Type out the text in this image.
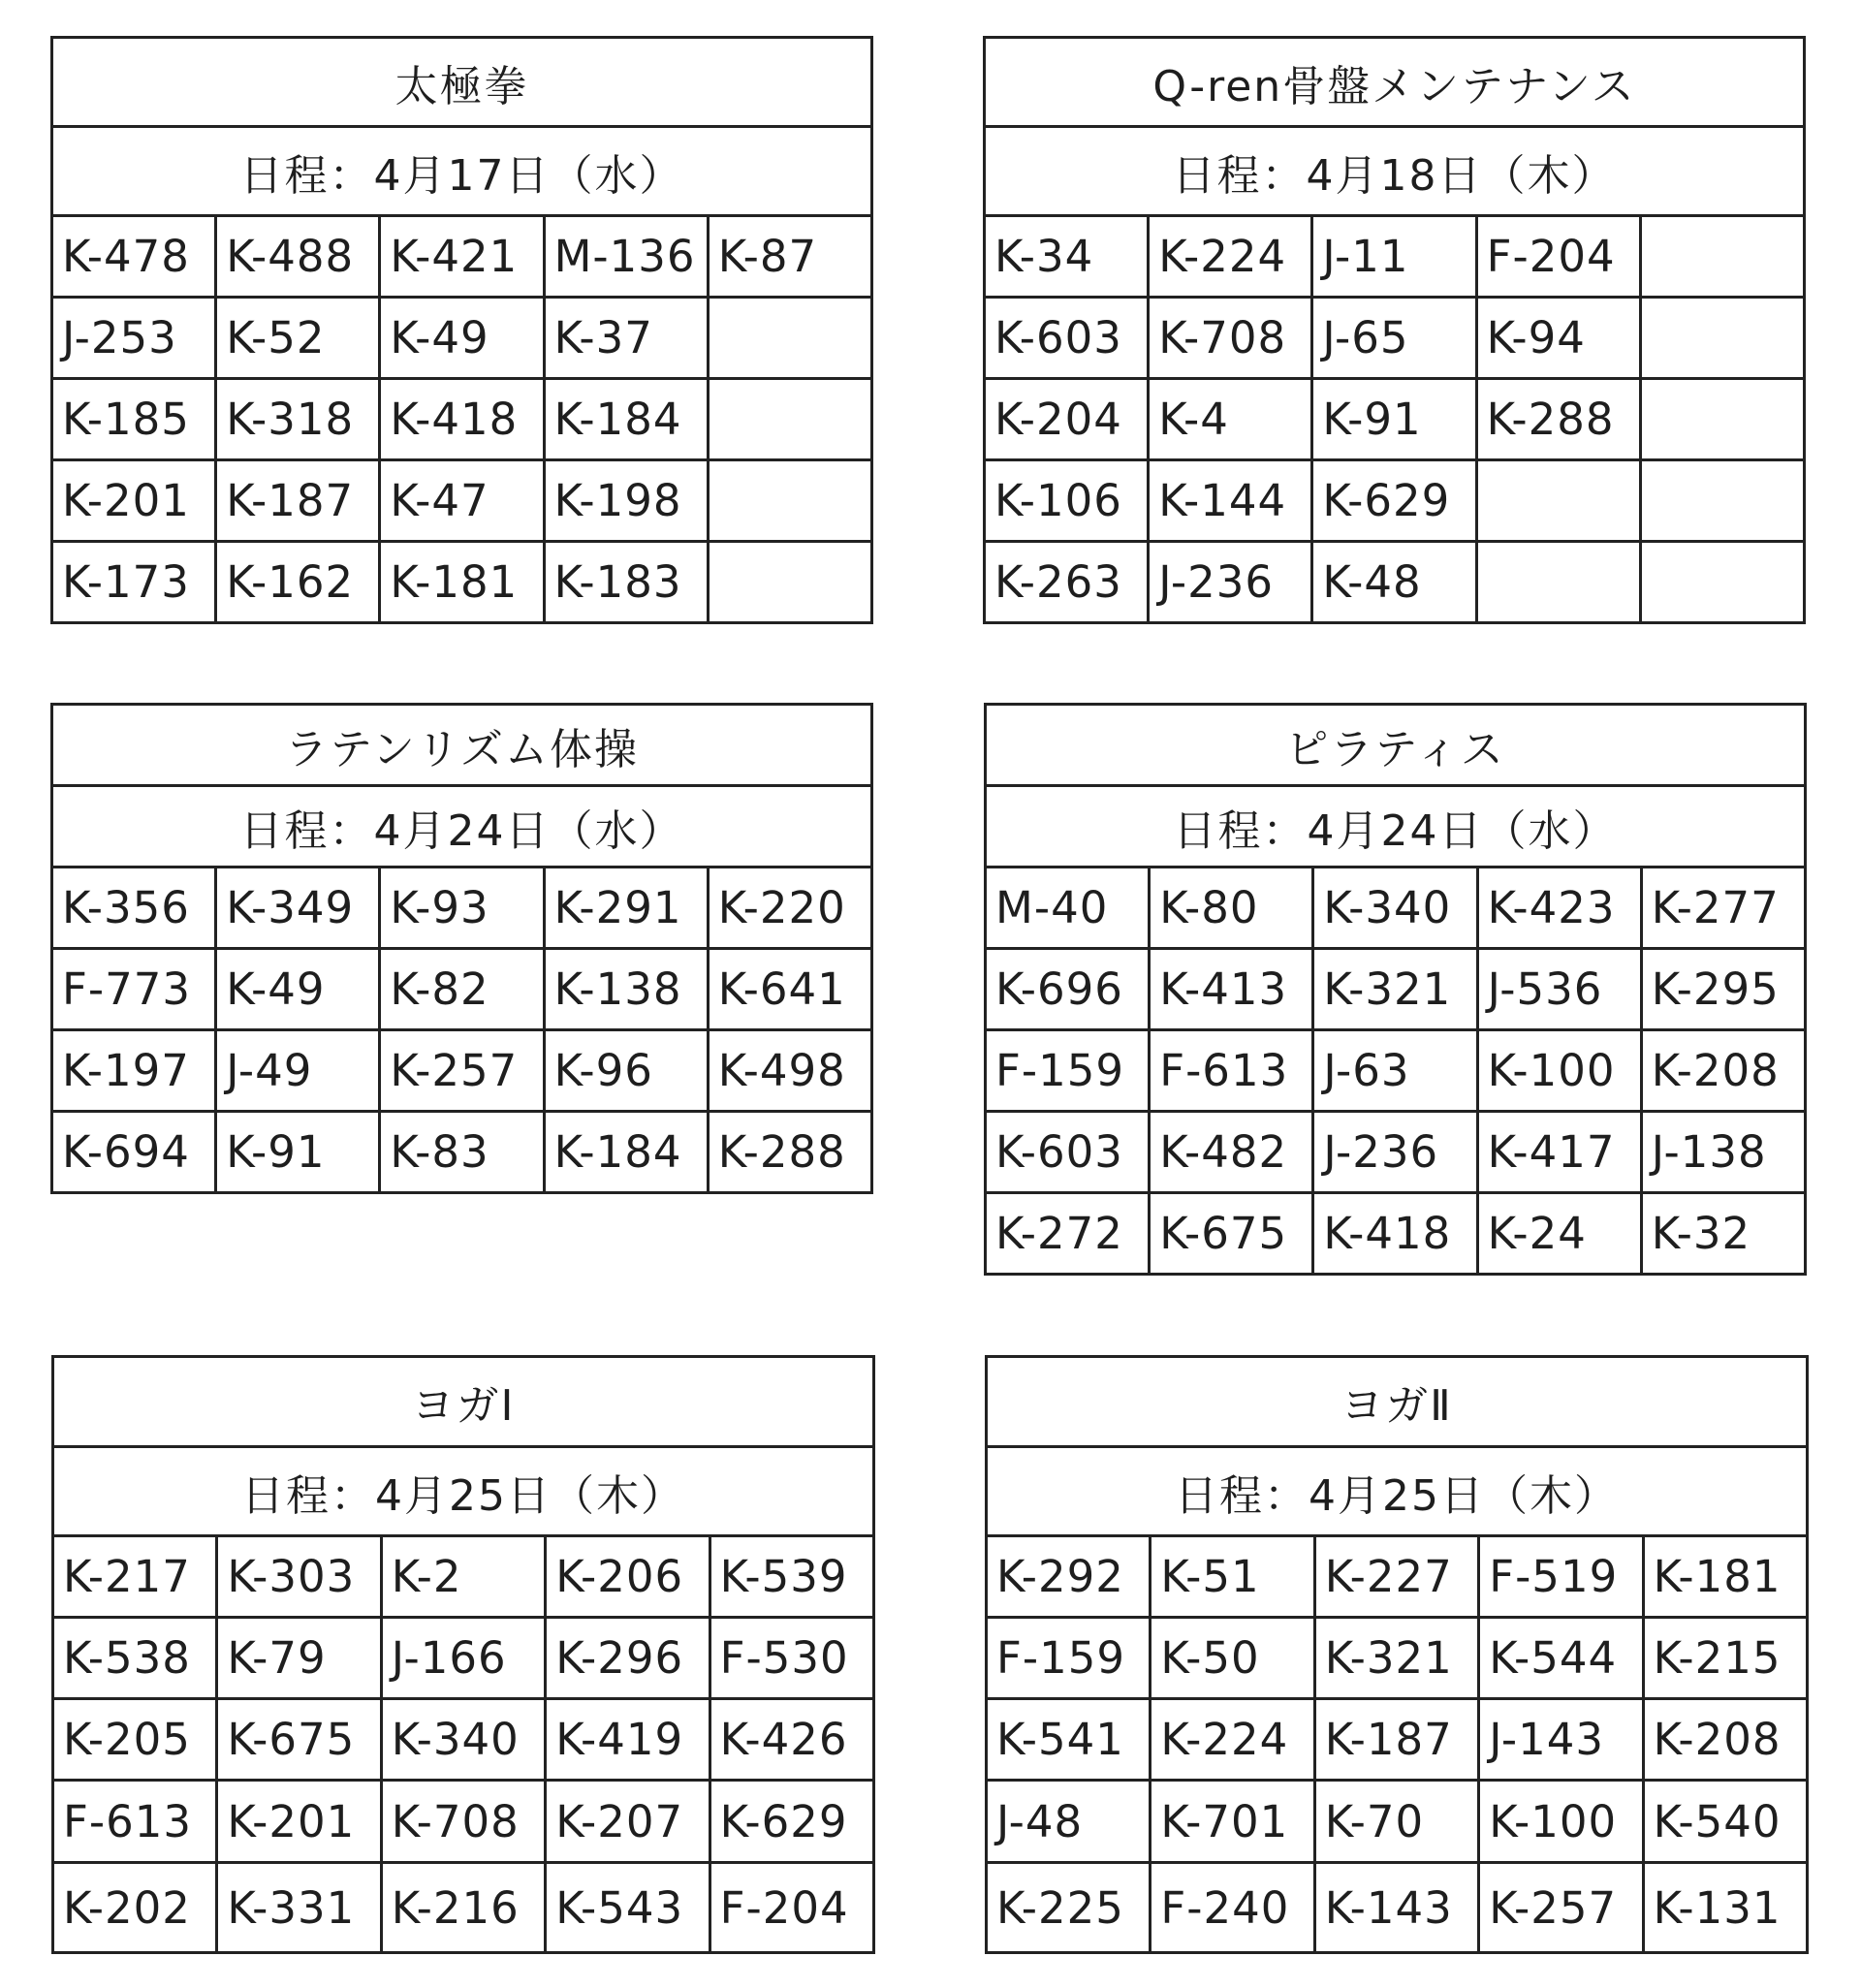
太極拳
日程：4月17日（水）
K-478 K-488 K-421 M-136 K-87
J-253	K-52	K-49	K-37
K-185 K-318 K-418 K-184
K-201 K-187 K-47	K-198
K-173 K-162 K-181 K-183
Q-ren骨盤メンテナンス
日程：4月18日（木）
K-34	K-224 J-11	F-204
K-603 K-708 J-65	K-94
K-204 K-4	K-91	K-288
K-106 K-144 K-629
K-263 J-236	K-48
ラテンリズム体操
日程：4月24日（水）
K-356 K-349 K-93	K-291 K-220
F-773 K-49	K-82	K-138 K-641
K-197 J-49	K-257 K-96	K-498
K-694 K-91	K-83	K-184 K-288
ピラティス
日程：4月24日（水）
M-40	K-80	K-340 K-423 K-277
K-696 K-413 K-321 J-536	K-295
F-159 F-613 J-63	K-100 K-208
K-603 K-482 J-236	K-417 J-138
K-272 K-675 K-418 K-24	K-32
ヨガⅠ
日程：4月25日（木）
K-217 K-303 K-2	K-206 K-539
K-538 K-79	J-166	K-296 F-530
K-205 K-675 K-340 K-419 K-426
F-613 K-201 K-708 K-207 K-629
K-202 K-331 K-216 K-543 F-204
ヨガⅡ
日程：4月25日（木）
K-292 K-51	K-227 F-519 K-181
F-159 K-50	K-321 K-544 K-215
K-541 K-224 K-187 J-143	K-208
J-48	K-701 K-70	K-100 K-540
K-225 F-240 K-143 K-257 K-131
